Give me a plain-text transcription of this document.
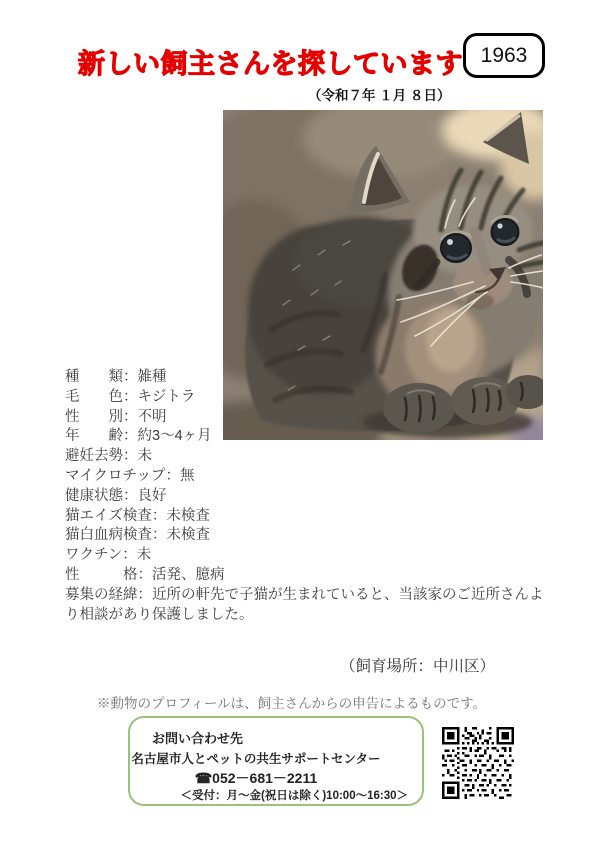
新しい飼主さんを探しています 1963
（令和７年 １月 ８日）
種　　類：雑種
毛　　色：キジトラ
性　　別：不明
年　　齢：約3～4ヶ月
避妊去勢：未
マイクロチップ：無
健康状態：良好
猫エイズ検査：未検査
猫白血病検査：未検査
ワクチン：未
性　　　格：活発、臆病
募集の経緯：近所の軒先で子猫が生まれていると、当該家のご近所さんよ
り相談があり保護しました。
（飼育場所：中川区）
※動物のプロフィールは、飼主さんからの申告によるものです。
お問い合わせ先
名古屋市人とペットの共生サポートセンター
☎052－681－2211
＜受付：月～金(祝日は除く)10:00～16:30＞
